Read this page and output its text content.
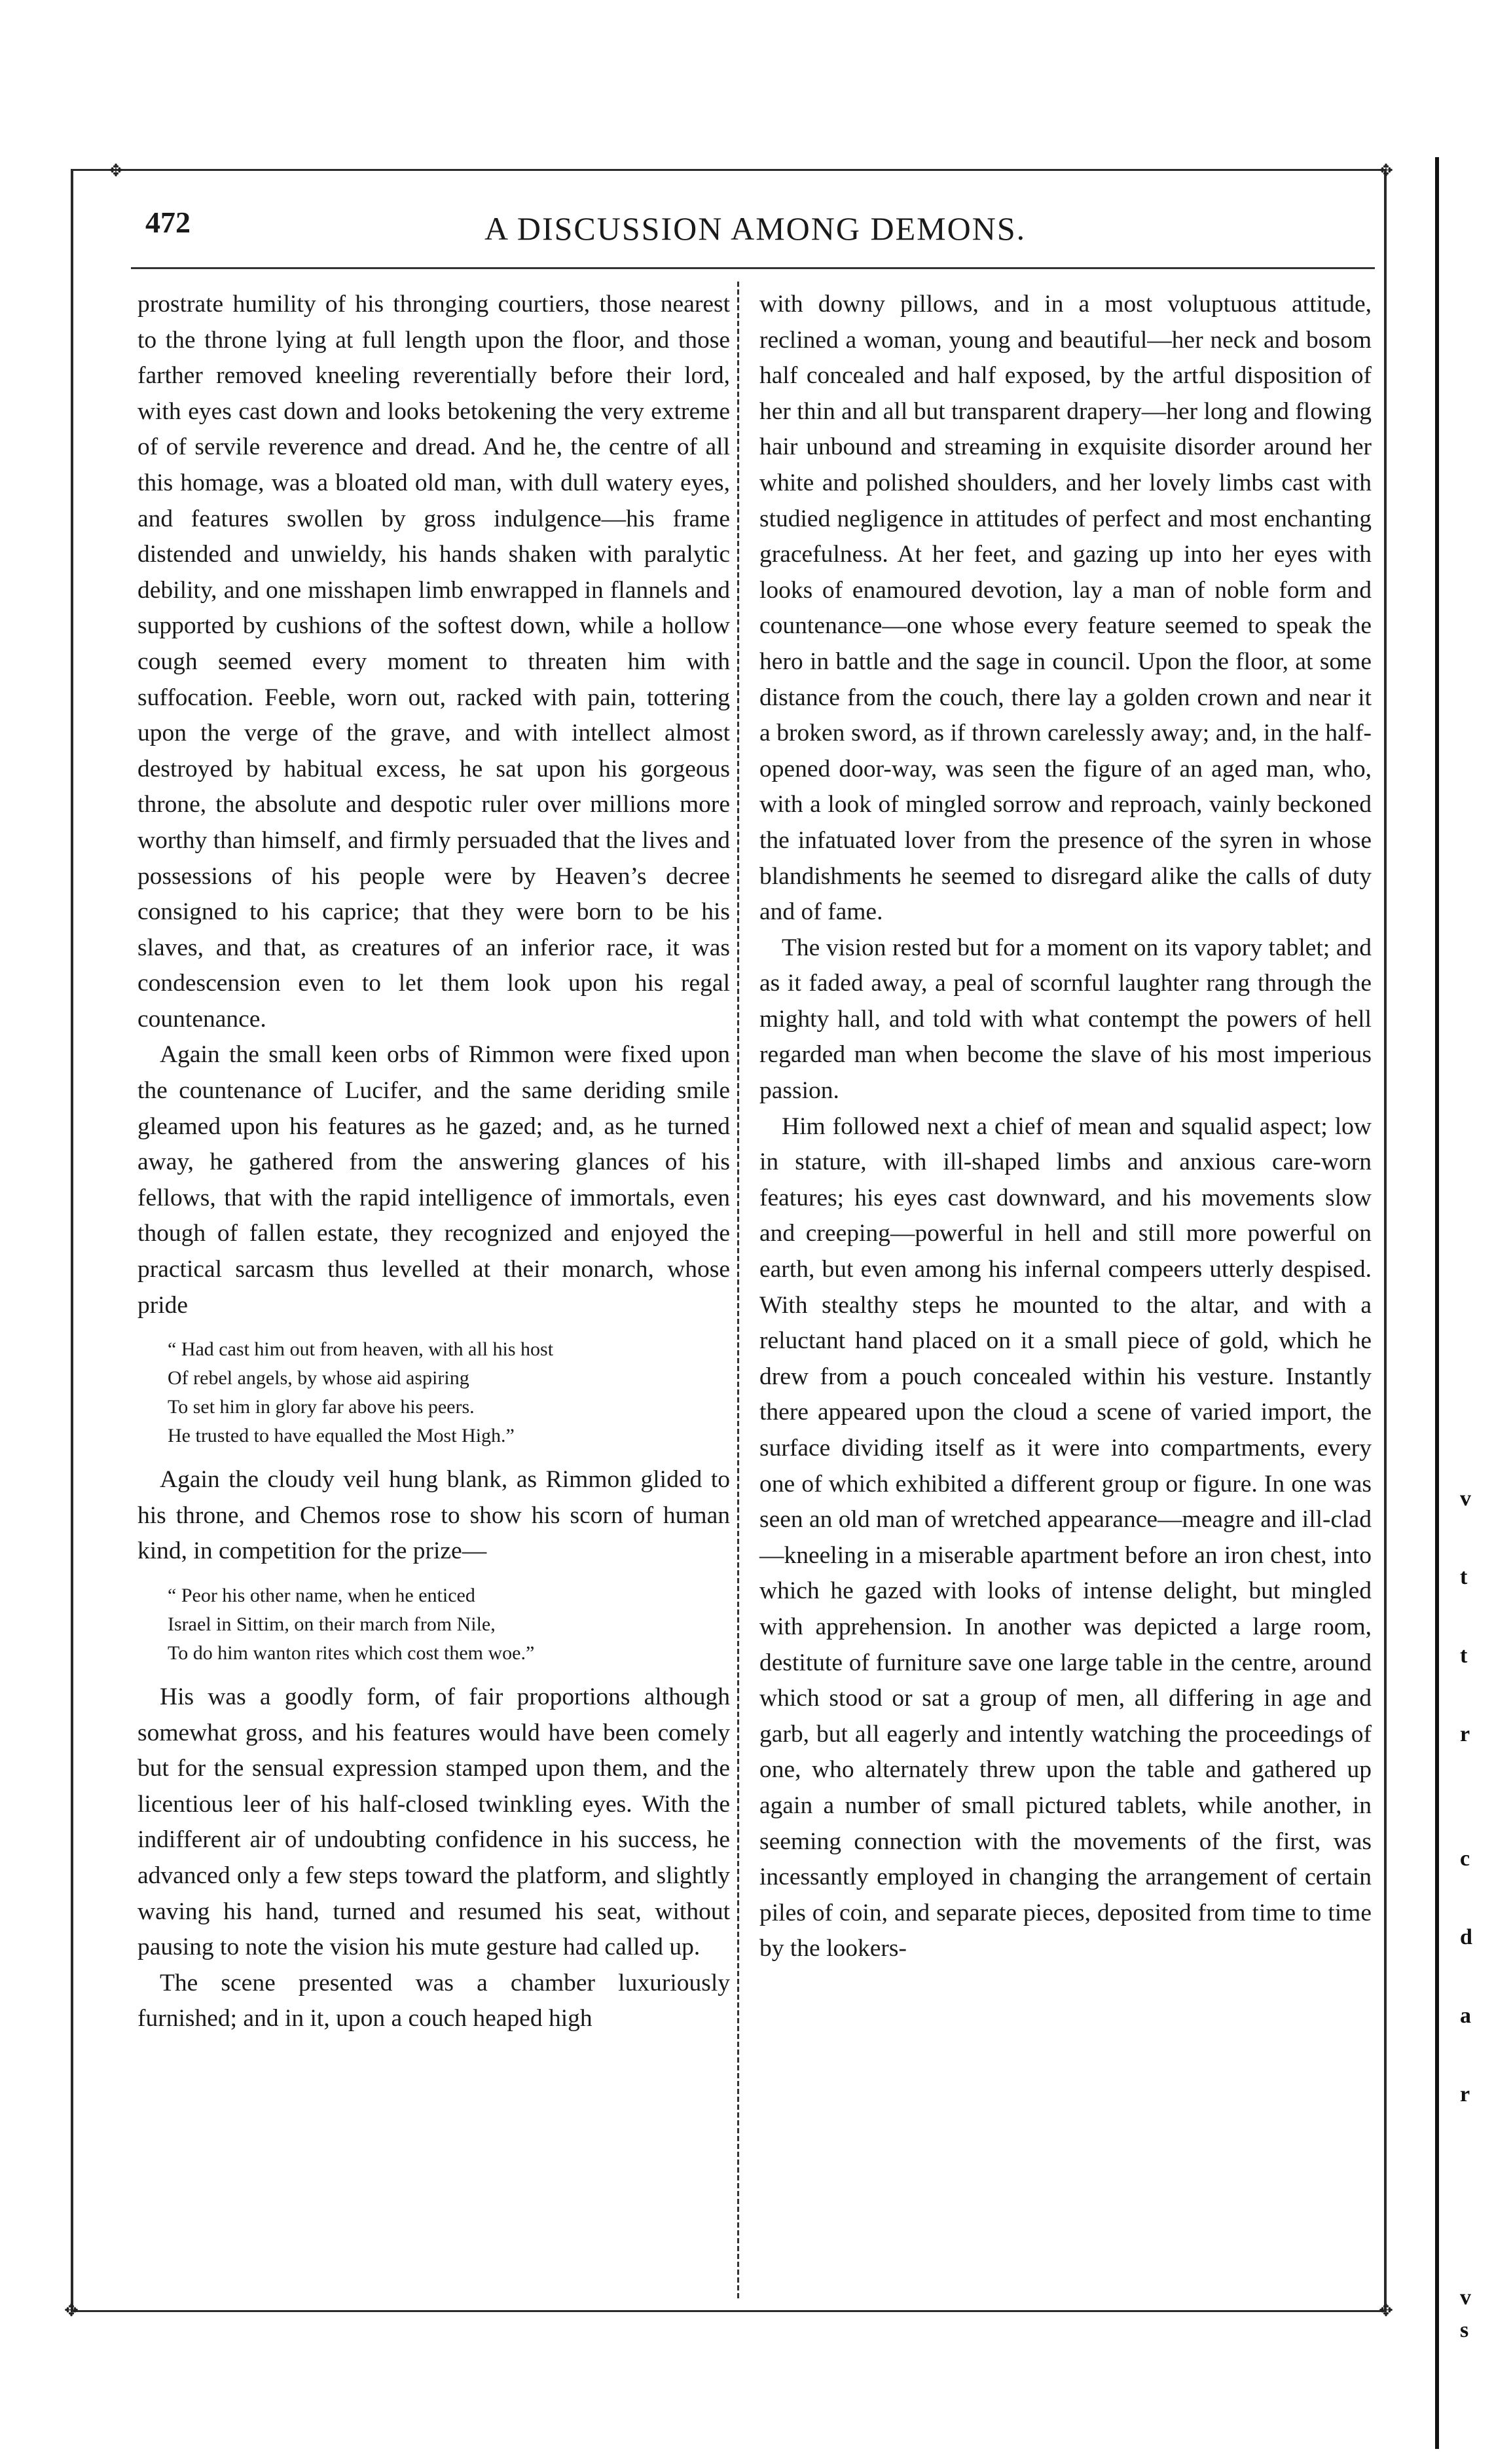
✥	✥
✥	✥
472	A DISCUSSION AMONG DEMONS.

prostrate humility of his thronging courtiers, those nearest to the throne lying at full length upon the floor, and those farther removed kneeling reverentially before their lord, with eyes cast down and looks betokening the very extreme of of servile reverence and dread. And he, the centre of all this homage, was a bloated old man, with dull watery eyes, and features swollen by gross indulgence—his frame distended and unwieldy, his hands shaken with paralytic debility, and one misshapen limb enwrapped in flannels and supported by cushions of the softest down, while a hollow cough seemed every moment to threaten him with suffocation. Feeble, worn out, racked with pain, tottering upon the verge of the grave, and with intellect almost destroyed by habitual excess, he sat upon his gorgeous throne, the absolute and despotic ruler over millions more worthy than himself, and firmly persuaded that the lives and possessions of his people were by Heaven’s decree consigned to his caprice; that they were born to be his slaves, and that, as creatures of an inferior race, it was condescension even to let them look upon his regal countenance.

Again the small keen orbs of Rimmon were fixed upon the countenance of Lucifer, and the same deriding smile gleamed upon his features as he gazed; and, as he turned away, he gathered from the answering glances of his fellows, that with the rapid intelligence of immortals, even though of fallen estate, they recognized and enjoyed the practical sarcasm thus levelled at their monarch, whose pride

“ Had cast him out from heaven, with all his host
Of rebel angels, by whose aid aspiring
To set him in glory far above his peers.
He trusted to have equalled the Most High.”

Again the cloudy veil hung blank, as Rimmon glided to his throne, and Chemos rose to show his scorn of human kind, in competition for the prize—

“ Peor his other name, when he enticed
Israel in Sittim, on their march from Nile,
To do him wanton rites which cost them woe.”

His was a goodly form, of fair proportions although somewhat gross, and his features would have been comely but for the sensual expression stamped upon them, and the licentious leer of his half-closed twinkling eyes. With the indifferent air of undoubting confidence in his success, he advanced only a few steps toward the platform, and slightly waving his hand, turned and resumed his seat, without pausing to note the vision his mute gesture had called up.

The scene presented was a chamber luxuriously furnished; and in it, upon a couch heaped high

with downy pillows, and in a most voluptuous attitude, reclined a woman, young and beautiful—her neck and bosom half concealed and half exposed, by the artful disposition of her thin and all but transparent drapery—her long and flowing hair unbound and streaming in exquisite disorder around her white and polished shoulders, and her lovely limbs cast with studied negligence in attitudes of perfect and most enchanting gracefulness. At her feet, and gazing up into her eyes with looks of enamoured devotion, lay a man of noble form and countenance—one whose every feature seemed to speak the hero in battle and the sage in council. Upon the floor, at some distance from the couch, there lay a golden crown and near it a broken sword, as if thrown carelessly away; and, in the half-opened door-way, was seen the figure of an aged man, who, with a look of mingled sorrow and reproach, vainly beckoned the infatuated lover from the presence of the syren in whose blandishments he seemed to disregard alike the calls of duty and of fame.

The vision rested but for a moment on its vapory tablet; and as it faded away, a peal of scornful laughter rang through the mighty hall, and told with what contempt the powers of hell regarded man when become the slave of his most imperious passion.

Him followed next a chief of mean and squalid aspect; low in stature, with ill-shaped limbs and anxious care-worn features; his eyes cast downward, and his movements slow and creeping—powerful in hell and still more powerful on earth, but even among his infernal compeers utterly despised. With stealthy steps he mounted to the altar, and with a reluctant hand placed on it a small piece of gold, which he drew from a pouch concealed within his vesture. Instantly there appeared upon the cloud a scene of varied import, the surface dividing itself as it were into compartments, every one of which exhibited a different group or figure. In one was seen an old man of wretched appearance—meagre and ill-clad—kneeling in a miserable apartment before an iron chest, into which he gazed with looks of intense delight, but mingled with apprehension. In another was depicted a large room, destitute of furniture save one large table in the centre, around which stood or sat a group of men, all differing in age and garb, but all eagerly and intently watching the proceedings of one, who alternately threw upon the table and gathered up again a number of small pictured tablets, while another, in seeming connection with the movements of the first, was incessantly employed in changing the arrangement of certain piles of coin, and separate pieces, deposited from time to time by the lookers-

v
t
t
r
c
d
a
r
v
s
